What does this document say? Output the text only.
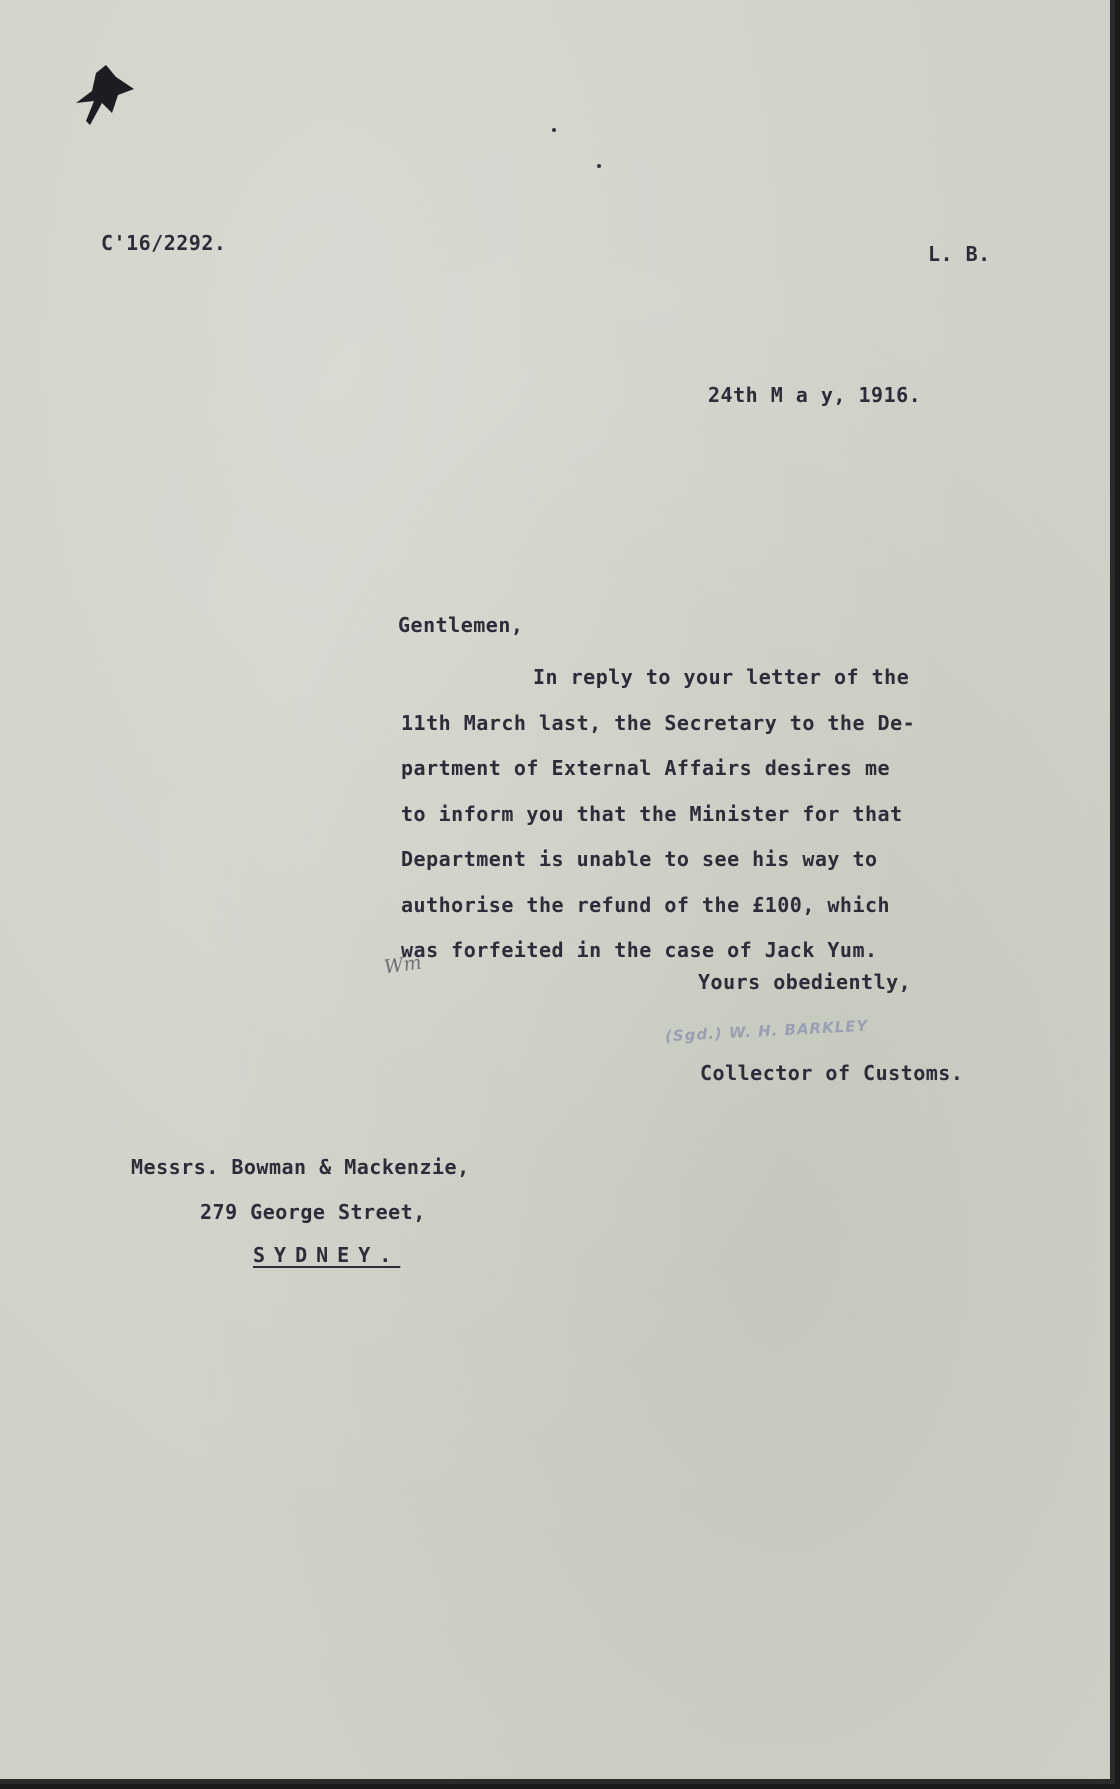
C'16/2292.	L. B.
24th M a y, 1916.
Gentlemen,
In reply to your letter of the
11th March last, the Secretary to the De-
partment of External Affairs desires me
to inform you that the Minister for that
Department is unable to see his way to
authorise the refund of the £100, which
was forfeited in the case of Jack Yum.
Wm
Yours obediently,
(Sgd.) W. H. BARKLEY
Collector of Customs.
Messrs. Bowman & Mackenzie,
279 George Street,
SYDNEY.
